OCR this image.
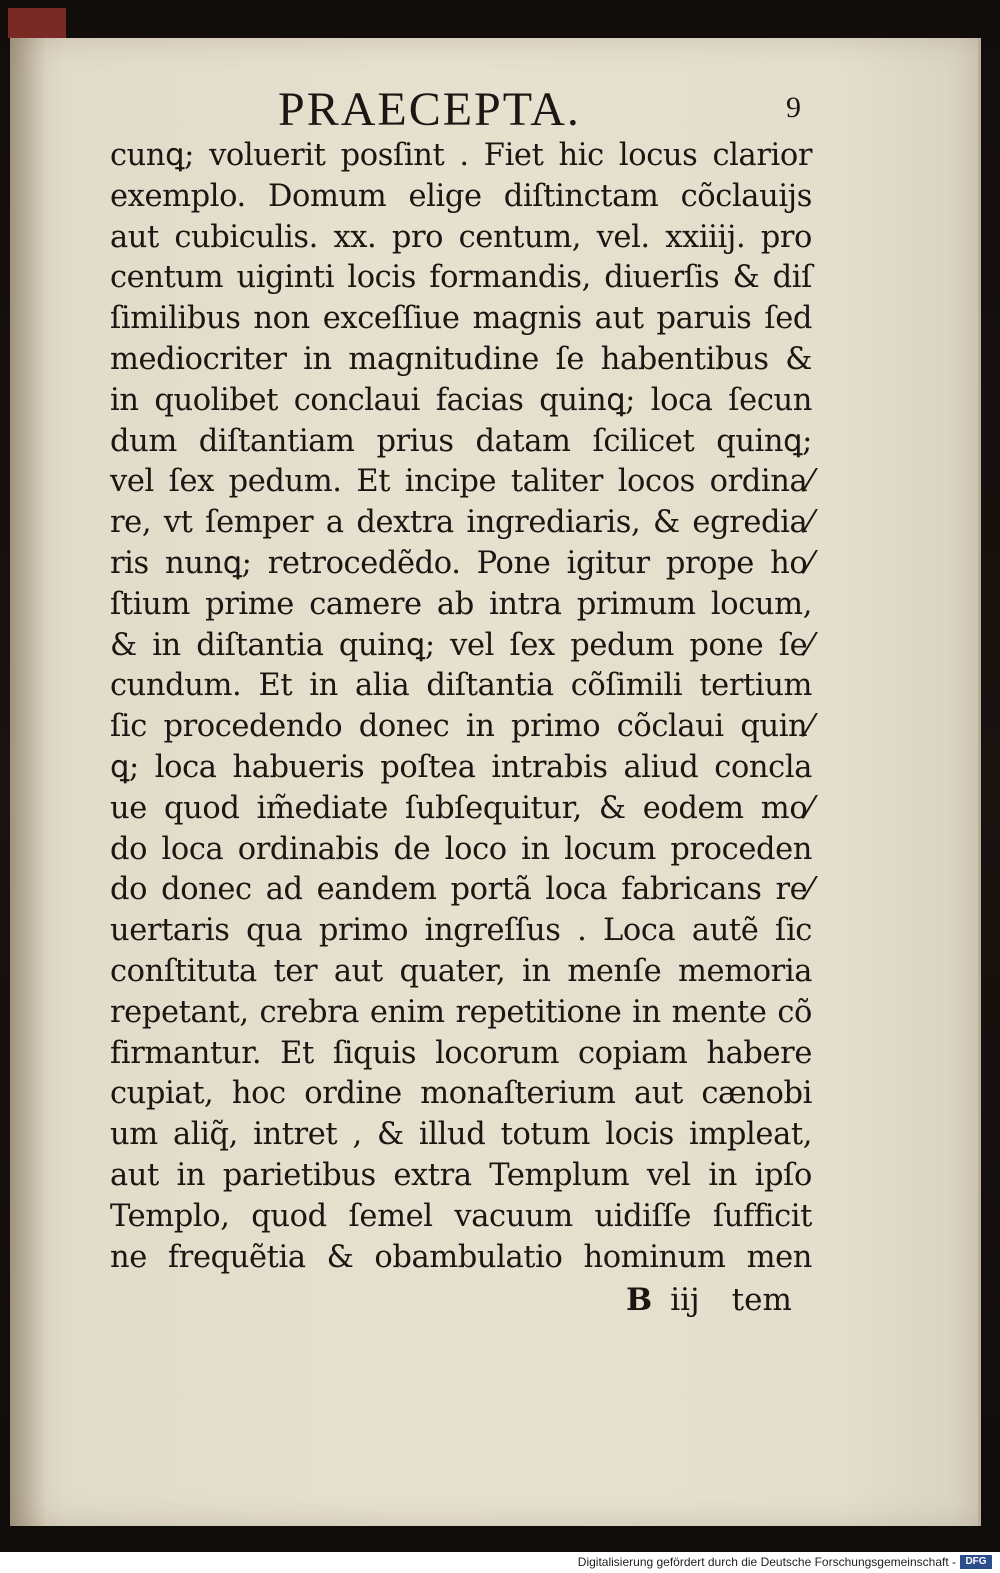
PRAECEPTA.	9
cunꝗ; voluerit posſint . Fiet hic locus clarior
exemplo. Domum elige diſtinctam cõclauijs
aut cubiculis. xx. pro centum, vel. xxiiij. pro
centum uiginti locis formandis, diuerſis & diſ
ſimilibus non exceſſiue magnis aut paruis ſed
mediocriter in magnitudine ſe habentibus &
in quolibet conclaui facias quinꝗ; loca ſecun
dum diſtantiam prius datam ſcilicet quinꝗ;
vel ſex pedum. Et incipe taliter locos ordina⁄
re, vt ſemper a dextra ingrediaris, & egredia⁄
ris nunꝗ; retrocedẽdo. Pone igitur prope ho⁄
ſtium prime camere ab intra primum locum,
& in diſtantia quinꝗ; vel ſex pedum pone ſe⁄
cundum. Et in alia diſtantia cõſimili tertium
ſic procedendo donec in primo cõclaui quin⁄
ꝗ; loca habueris poſtea intrabis aliud concla
ue quod im̃ediate ſubſequitur, & eodem mo⁄
do loca ordinabis de loco in locum proceden
do donec ad eandem portã loca fabricans re⁄
uertaris qua primo ingreſſus . Loca autẽ ſic
conſtituta ter aut quater, in menſe memoria
repetant, crebra enim repetitione in mente cõ
firmantur. Et ſiquis locorum copiam habere
cupiat, hoc ordine monaſterium aut cænobi
um aliq̃, intret , & illud totum locis impleat,
aut in parietibus extra Templum vel in ipſo
Templo, quod ſemel vacuum uidiſſe ſufficit
ne frequẽtia & obambulatio hominum men
B iij tem
Digitalisierung gefördert durch die Deutsche Forschungsgemeinschaft - DFG
